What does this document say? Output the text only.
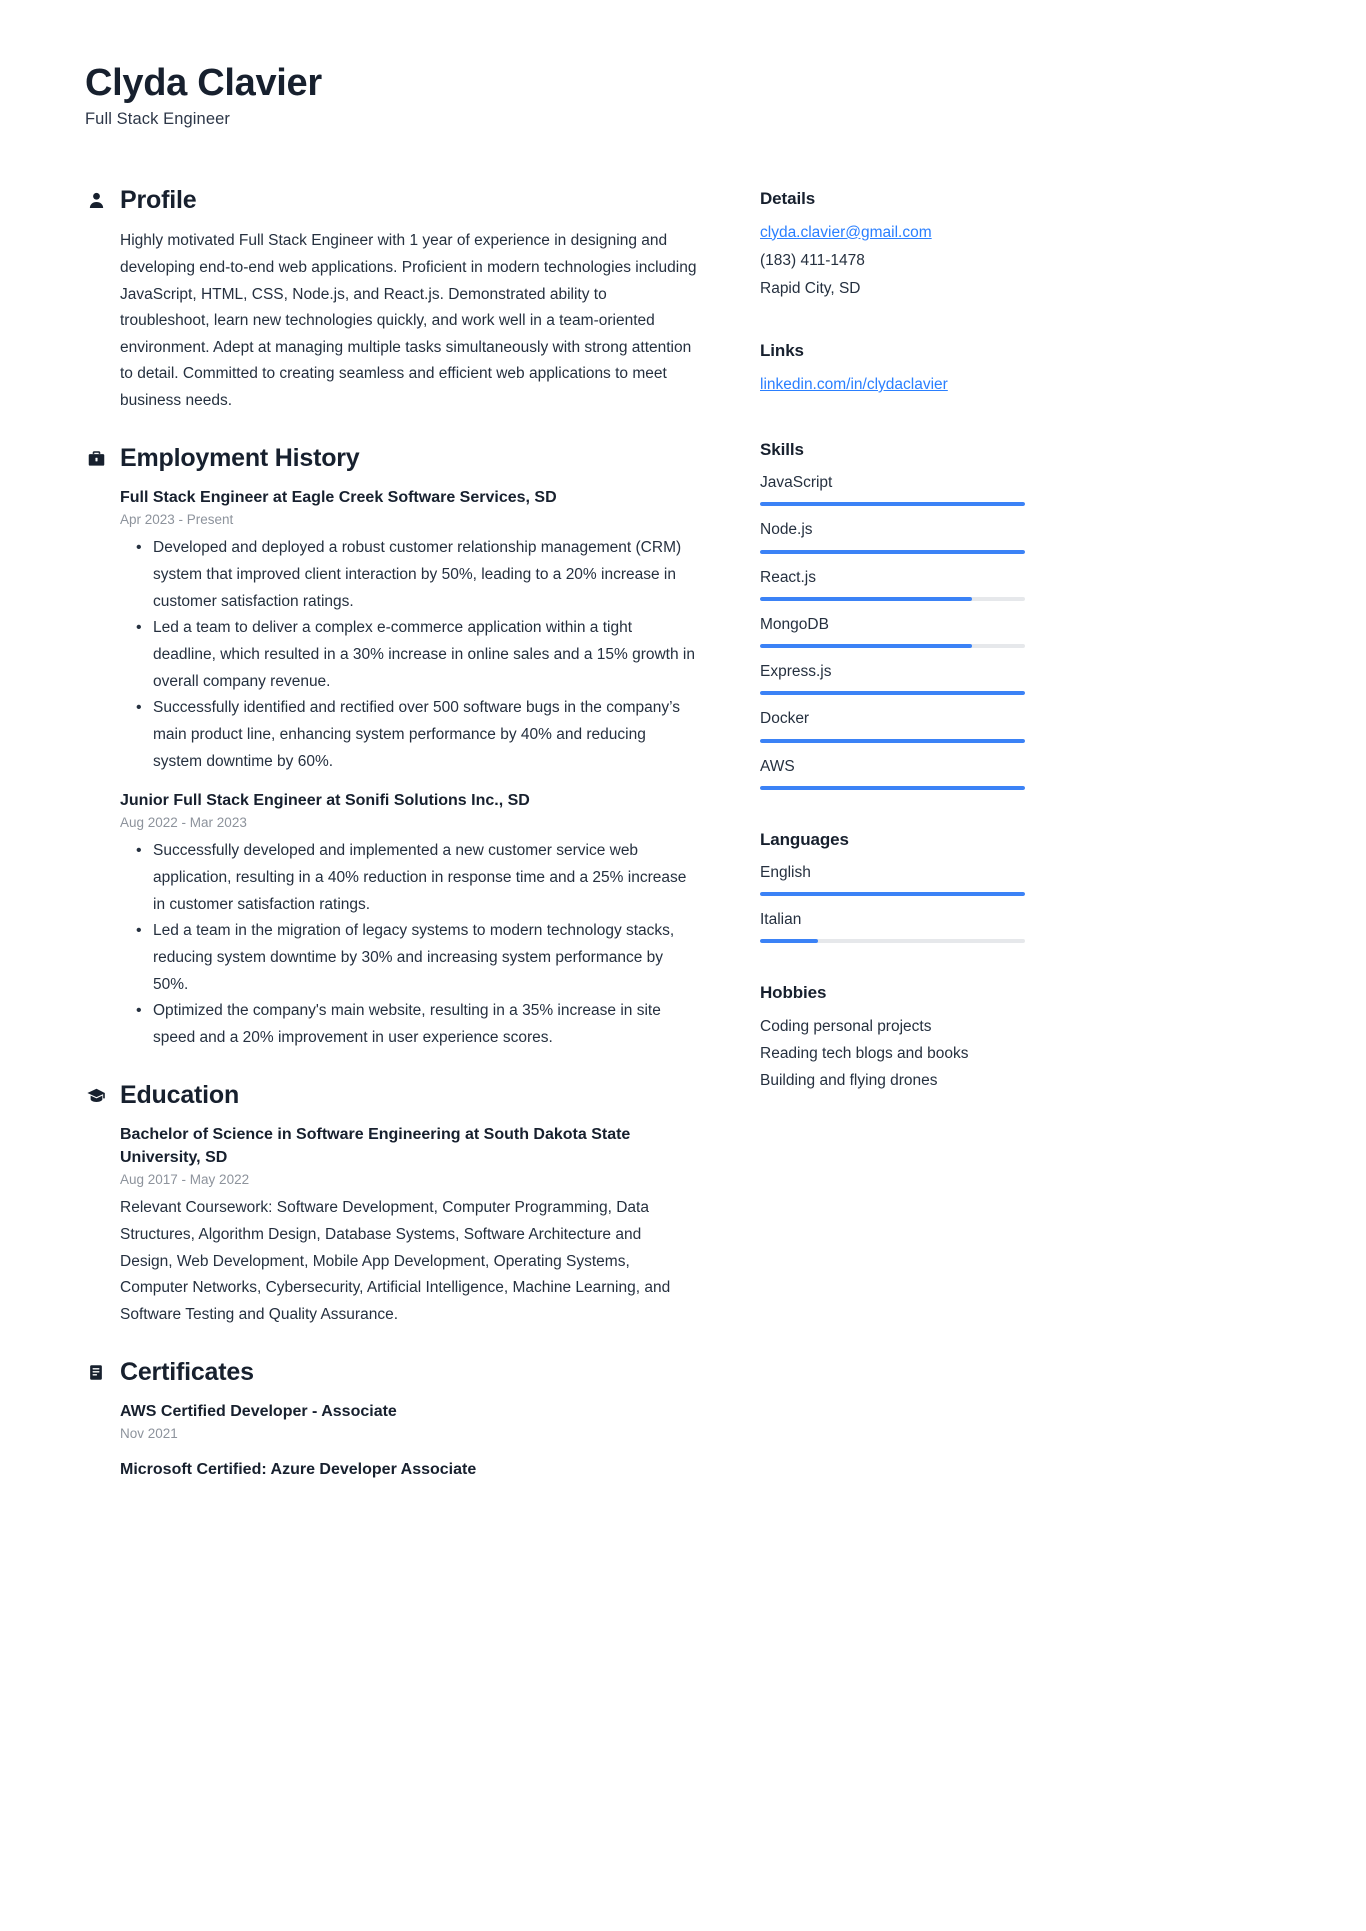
Clyda Clavier
Full Stack Engineer
Profile
Highly motivated Full Stack Engineer with 1 year of experience in designing and developing end-to-end web applications. Proficient in modern technologies including JavaScript, HTML, CSS, Node.js, and React.js. Demonstrated ability to troubleshoot, learn new technologies quickly, and work well in a team-oriented environment. Adept at managing multiple tasks simultaneously with strong attention to detail. Committed to creating seamless and efficient web applications to meet business needs.
Employment History
Full Stack Engineer at Eagle Creek Software Services, SD
Apr 2023 - Present
• Developed and deployed a robust customer relationship management (CRM) system that improved client interaction by 50%, leading to a 20% increase in customer satisfaction ratings.
• Led a team to deliver a complex e-commerce application within a tight deadline, which resulted in a 30% increase in online sales and a 15% growth in overall company revenue.
• Successfully identified and rectified over 500 software bugs in the company’s main product line, enhancing system performance by 40% and reducing system downtime by 60%.
Junior Full Stack Engineer at Sonifi Solutions Inc., SD
Aug 2022 - Mar 2023
• Successfully developed and implemented a new customer service web application, resulting in a 40% reduction in response time and a 25% increase in customer satisfaction ratings.
• Led a team in the migration of legacy systems to modern technology stacks, reducing system downtime by 30% and increasing system performance by 50%.
• Optimized the company's main website, resulting in a 35% increase in site speed and a 20% improvement in user experience scores.
Education
Bachelor of Science in Software Engineering at South Dakota State University, SD
Aug 2017 - May 2022
Relevant Coursework: Software Development, Computer Programming, Data Structures, Algorithm Design, Database Systems, Software Architecture and Design, Web Development, Mobile App Development, Operating Systems, Computer Networks, Cybersecurity, Artificial Intelligence, Machine Learning, and Software Testing and Quality Assurance.
Certificates
AWS Certified Developer - Associate
Nov 2021
Microsoft Certified: Azure Developer Associate
Details
clyda.clavier@gmail.com
(183) 411-1478
Rapid City, SD
Links
linkedin.com/in/clydaclavier
Skills
JavaScript
Node.js
React.js
MongoDB
Express.js
Docker
AWS
Languages
English
Italian
Hobbies
Coding personal projects
Reading tech blogs and books
Building and flying drones
